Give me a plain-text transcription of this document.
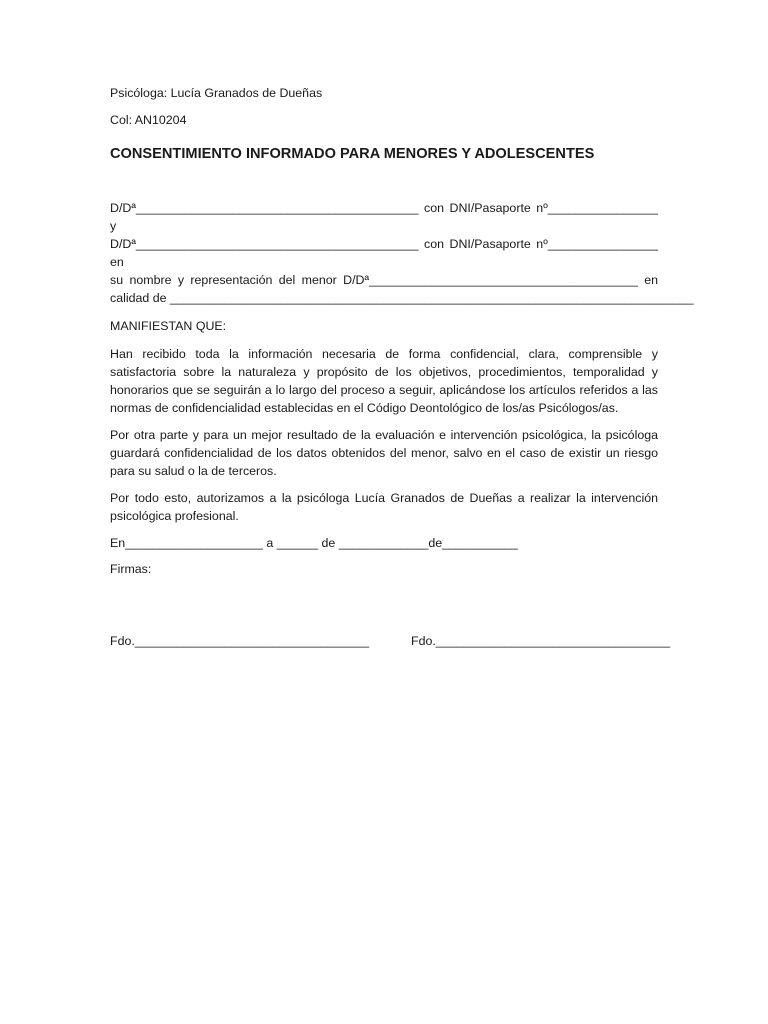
Psicóloga: Lucía Granados de Dueñas

Col: AN10204

CONSENTIMIENTO INFORMADO PARA MENORES Y ADOLESCENTES

D/Dª_________________________________________ con DNI/Pasaporte nº________________ y

D/Dª_________________________________________ con DNI/Pasaporte nº________________ en

su nombre y representación del menor D/Dª_______________________________________ en

calidad de ____________________________________________________________________________

MANIFIESTAN QUE:

Han recibido toda la información necesaria de forma confidencial, clara, comprensible y satisfactoria sobre la naturaleza y propósito de los objetivos, procedimientos, temporalidad y honorarios que se seguirán a lo largo del proceso a seguir, aplicándose los artículos referidos a las normas de confidencialidad establecidas en el Código Deontológico de los/as Psicólogos/as.

Por otra parte y para un mejor resultado de la evaluación e intervención psicológica, la psicóloga guardará confidencialidad de los datos obtenidos del menor, salvo en el caso de existir un riesgo para su salud o la de terceros.

Por todo esto, autorizamos a la psicóloga Lucía Granados de Dueñas a realizar la intervención psicológica profesional.

En____________________ a ______ de _____________de___________

Firmas:

Fdo.__________________________________	Fdo.__________________________________
